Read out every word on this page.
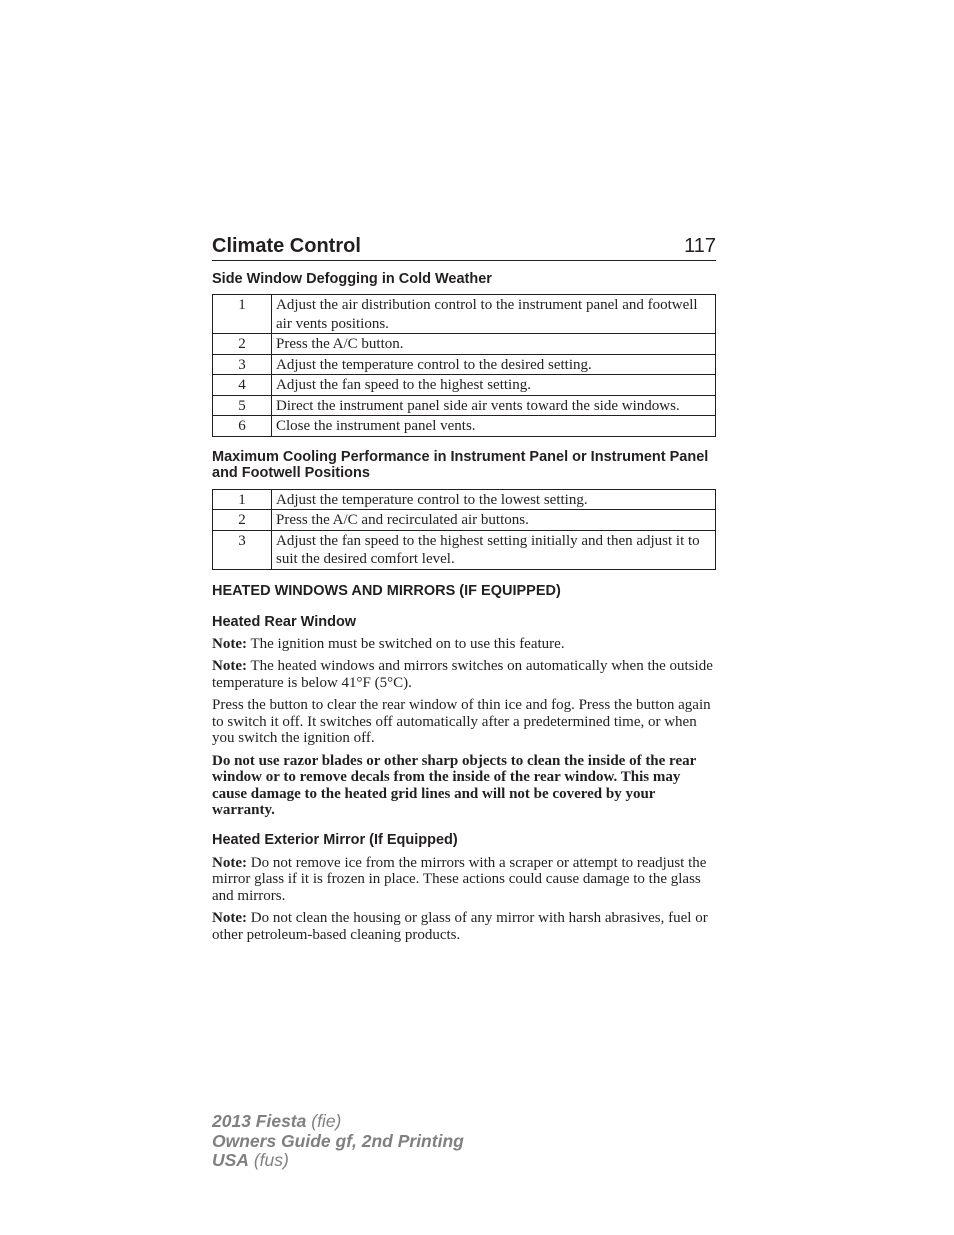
Climate Control	117
Side Window Defogging in Cold Weather
1	Adjust the air distribution control to the instrument panel and footwell air vents positions.
2	Press the A/C button.
3	Adjust the temperature control to the desired setting.
4	Adjust the fan speed to the highest setting.
5	Direct the instrument panel side air vents toward the side windows.
6	Close the instrument panel vents.
Maximum Cooling Performance in Instrument Panel or Instrument Panel and Footwell Positions
1	Adjust the temperature control to the lowest setting.
2	Press the A/C and recirculated air buttons.
3	Adjust the fan speed to the highest setting initially and then adjust it to suit the desired comfort level.
HEATED WINDOWS AND MIRRORS (IF EQUIPPED)
Heated Rear Window

Note: The ignition must be switched on to use this feature.

Note: The heated windows and mirrors switches on automatically when the outside temperature is below 41°F (5°C).

Press the button to clear the rear window of thin ice and fog. Press the button again to switch it off. It switches off automatically after a predetermined time, or when you switch the ignition off.

Do not use razor blades or other sharp objects to clean the inside of the rear window or to remove decals from the inside of the rear window. This may cause damage to the heated grid lines and will not be covered by your warranty.

Heated Exterior Mirror (If Equipped)

Note: Do not remove ice from the mirrors with a scraper or attempt to readjust the mirror glass if it is frozen in place. These actions could cause damage to the glass and mirrors.

Note: Do not clean the housing or glass of any mirror with harsh abrasives, fuel or other petroleum-based cleaning products.

2013 Fiesta (fie)
Owners Guide gf, 2nd Printing
USA (fus)
